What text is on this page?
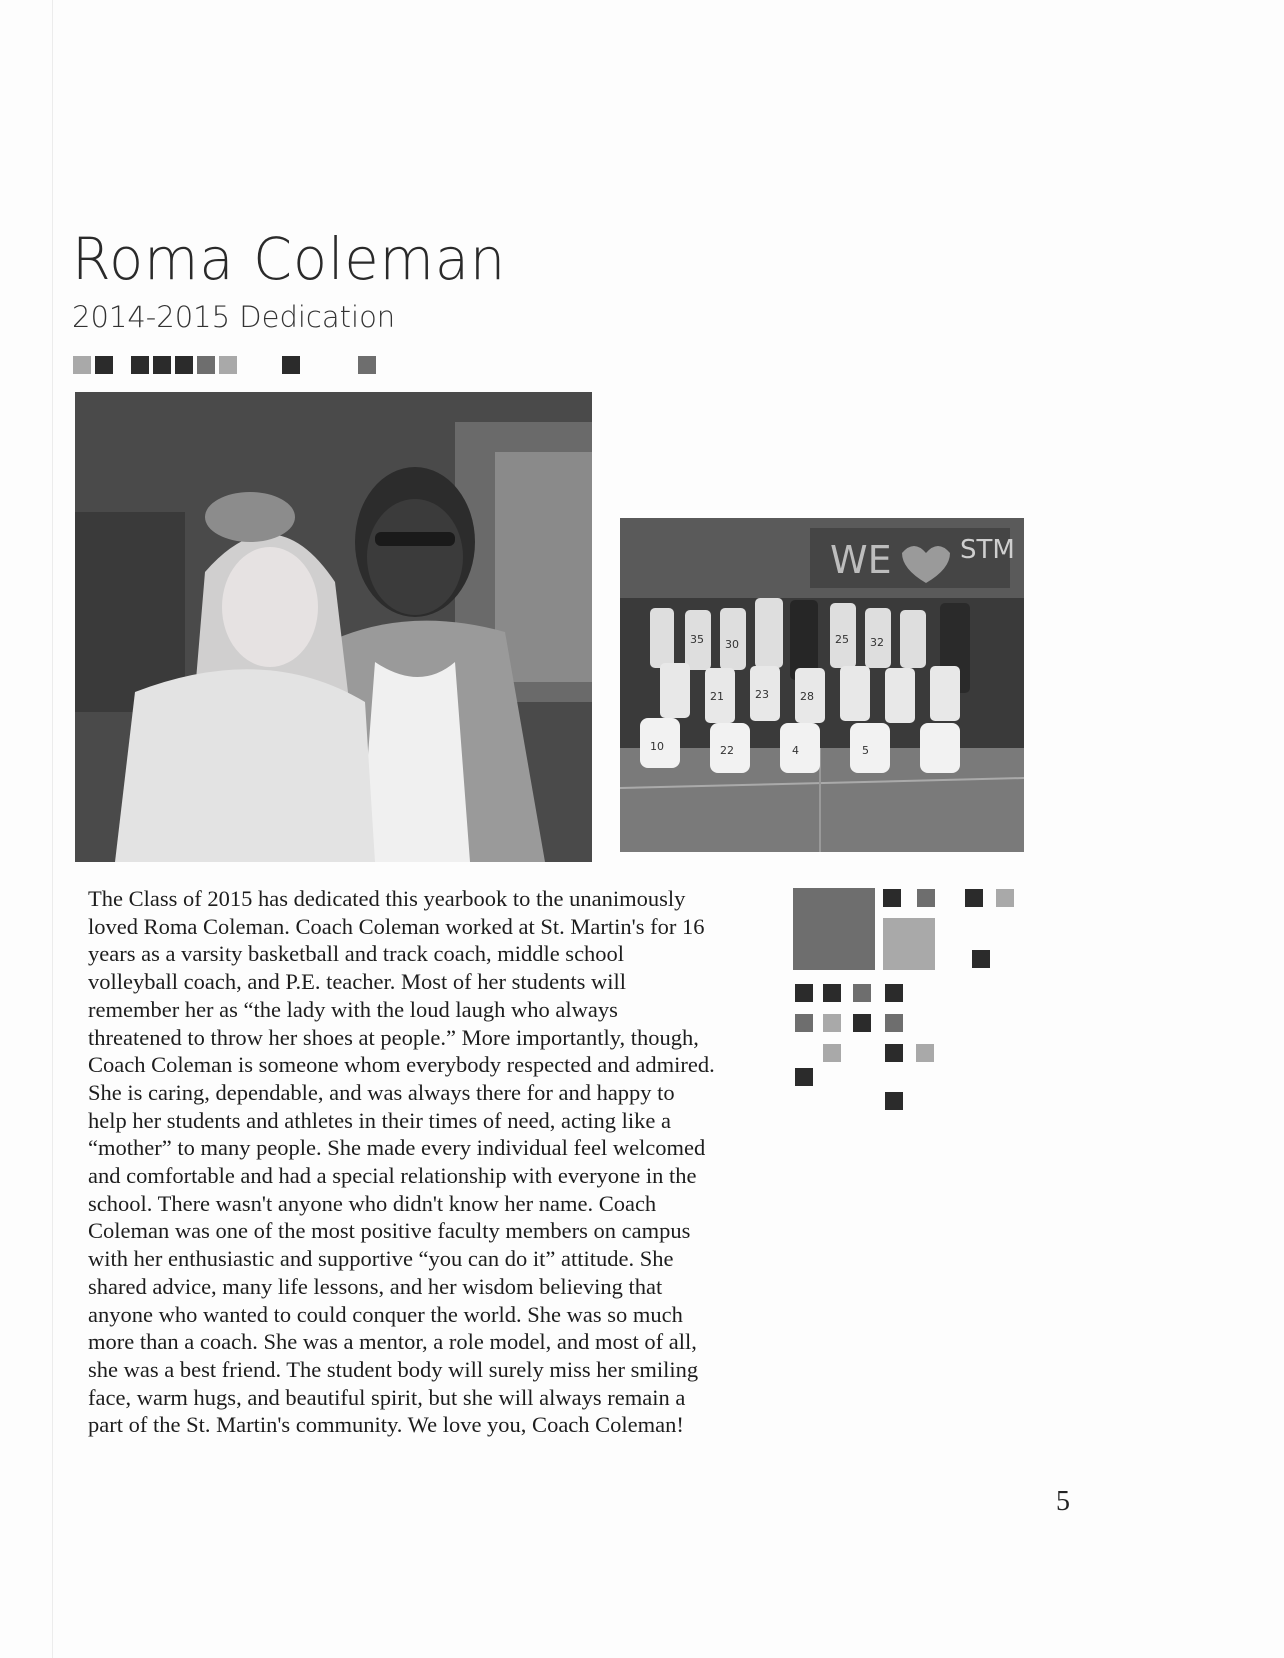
Roma Coleman
2014-2015 Dedication
WE	STM
35 30	25 32
21	23	28
10	22	4	5
The Class of 2015 has dedicated this yearbook to the unanimously
loved Roma Coleman. Coach Coleman worked at St. Martin's for 16
years as a varsity basketball and track coach, middle school
volleyball coach, and P.E. teacher. Most of her students will
remember her as “the lady with the loud laugh who always
threatened to throw her shoes at people.” More importantly, though,
Coach Coleman is someone whom everybody respected and admired.
She is caring, dependable, and was always there for and happy to
help her students and athletes in their times of need, acting like a
“mother” to many people. She made every individual feel welcomed
and comfortable and had a special relationship with everyone in the
school. There wasn't anyone who didn't know her name. Coach
Coleman was one of the most positive faculty members on campus
with her enthusiastic and supportive “you can do it” attitude. She
shared advice, many life lessons, and her wisdom believing that
anyone who wanted to could conquer the world. She was so much
more than a coach. She was a mentor, a role model, and most of all,
she was a best friend. The student body will surely miss her smiling
face, warm hugs, and beautiful spirit, but she will always remain a
part of the St. Martin's community. We love you, Coach Coleman!
5
